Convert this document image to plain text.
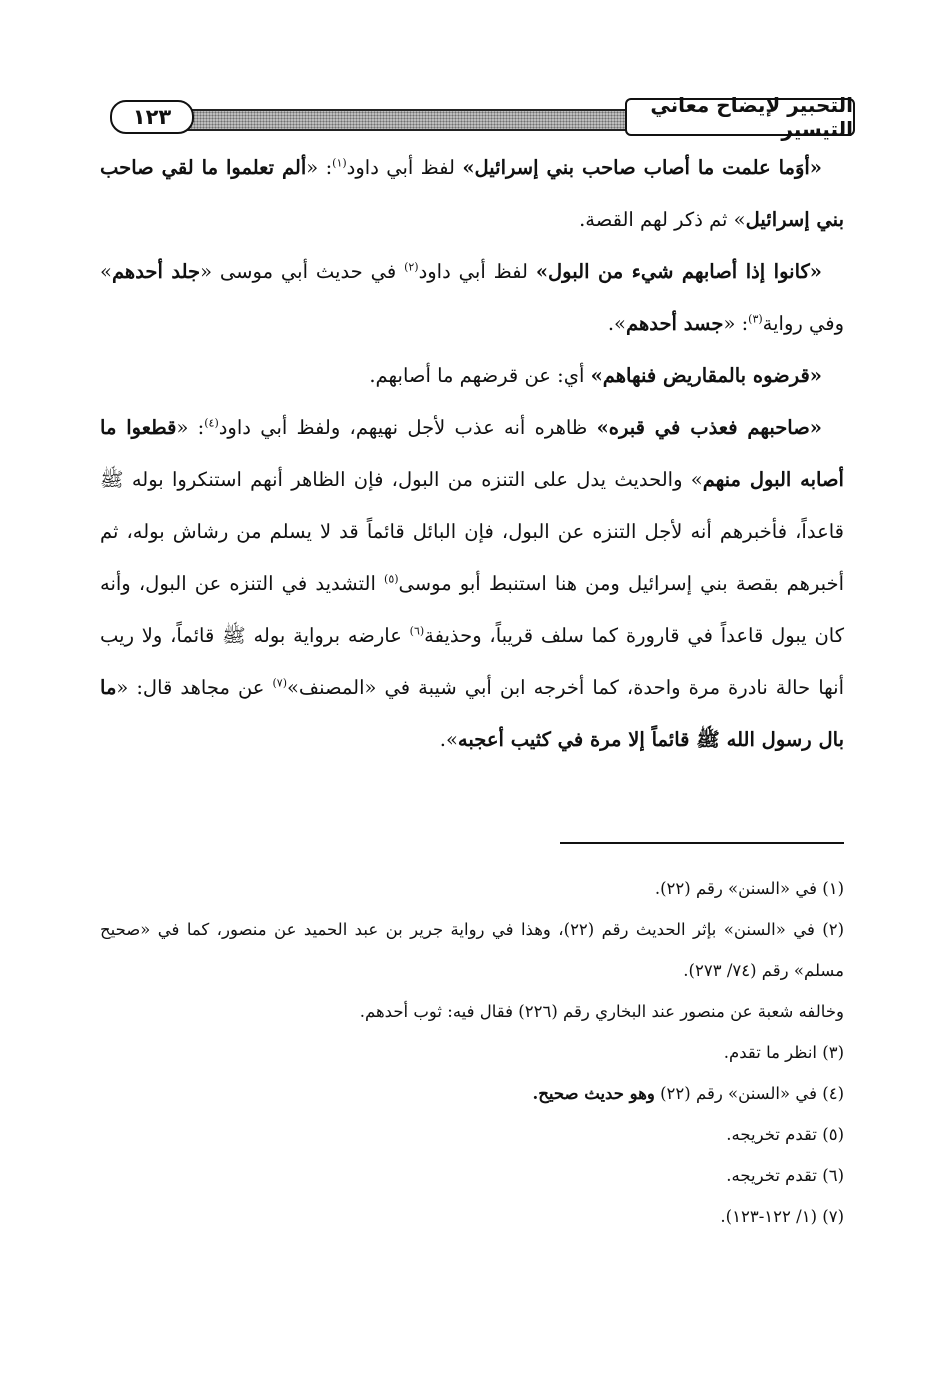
١٢٣	التحبير لإيضاح معاني التيسير

«أوَما علمت ما أصاب صاحب بني إسرائيل» لفظ أبي داود$^{(١)}$: «ألم تعلموا ما لقي صاحب بني إسرائيل» ثم ذكر لهم القصة.

«كانوا إذا أصابهم شيء من البول» لفظ أبي داود$^{(٢)}$ في حديث أبي موسى «جلد أحدهم» وفي رواية$^{(٣)}$: «جسد أحدهم».

«قرضوه بالمقاريض فنهاهم» أي: عن قرضهم ما أصابهم.

«صاحبهم فعذب في قبره» ظاهره أنه عذب لأجل نهيهم، ولفظ أبي داود$^{(٤)}$: «قطعوا ما أصابه البول منهم» والحديث يدل على التنزه من البول، فإن الظاهر أنهم استنكروا بوله ﷺ قاعداً، فأخبرهم أنه لأجل التنزه عن البول، فإن البائل قائماً قد لا يسلم من رشاش بوله، ثم أخبرهم بقصة بني إسرائيل ومن هنا استنبط أبو موسى$^{(٥)}$ التشديد في التنزه عن البول، وأنه كان يبول قاعداً في قارورة كما سلف قريباً، وحذيفة$^{(٦)}$ عارضه برواية بوله ﷺ قائماً، ولا ريب أنها حالة نادرة مرة واحدة، كما أخرجه ابن أبي شيبة في «المصنف»$^{(٧)}$ عن مجاهد قال: «ما بال رسول الله ﷺ قائماً إلا مرة في كثيب أعجبه».

(١) في «السنن» رقم (٢٢).

(٢) في «السنن» بإثر الحديث رقم (٢٢)، وهذا في رواية جرير بن عبد الحميد عن منصور، كما في «صحيح مسلم» رقم (٧٤/ ٢٧٣).

وخالفه شعبة عن منصور عند البخاري رقم (٢٢٦) فقال فيه: ثوب أحدهم.

(٣) انظر ما تقدم.

(٤) في «السنن» رقم (٢٢) وهو حديث صحيح.

(٥) تقدم تخريجه.

(٦) تقدم تخريجه.

(٧) (١/ ١٢٢-١٢٣).
